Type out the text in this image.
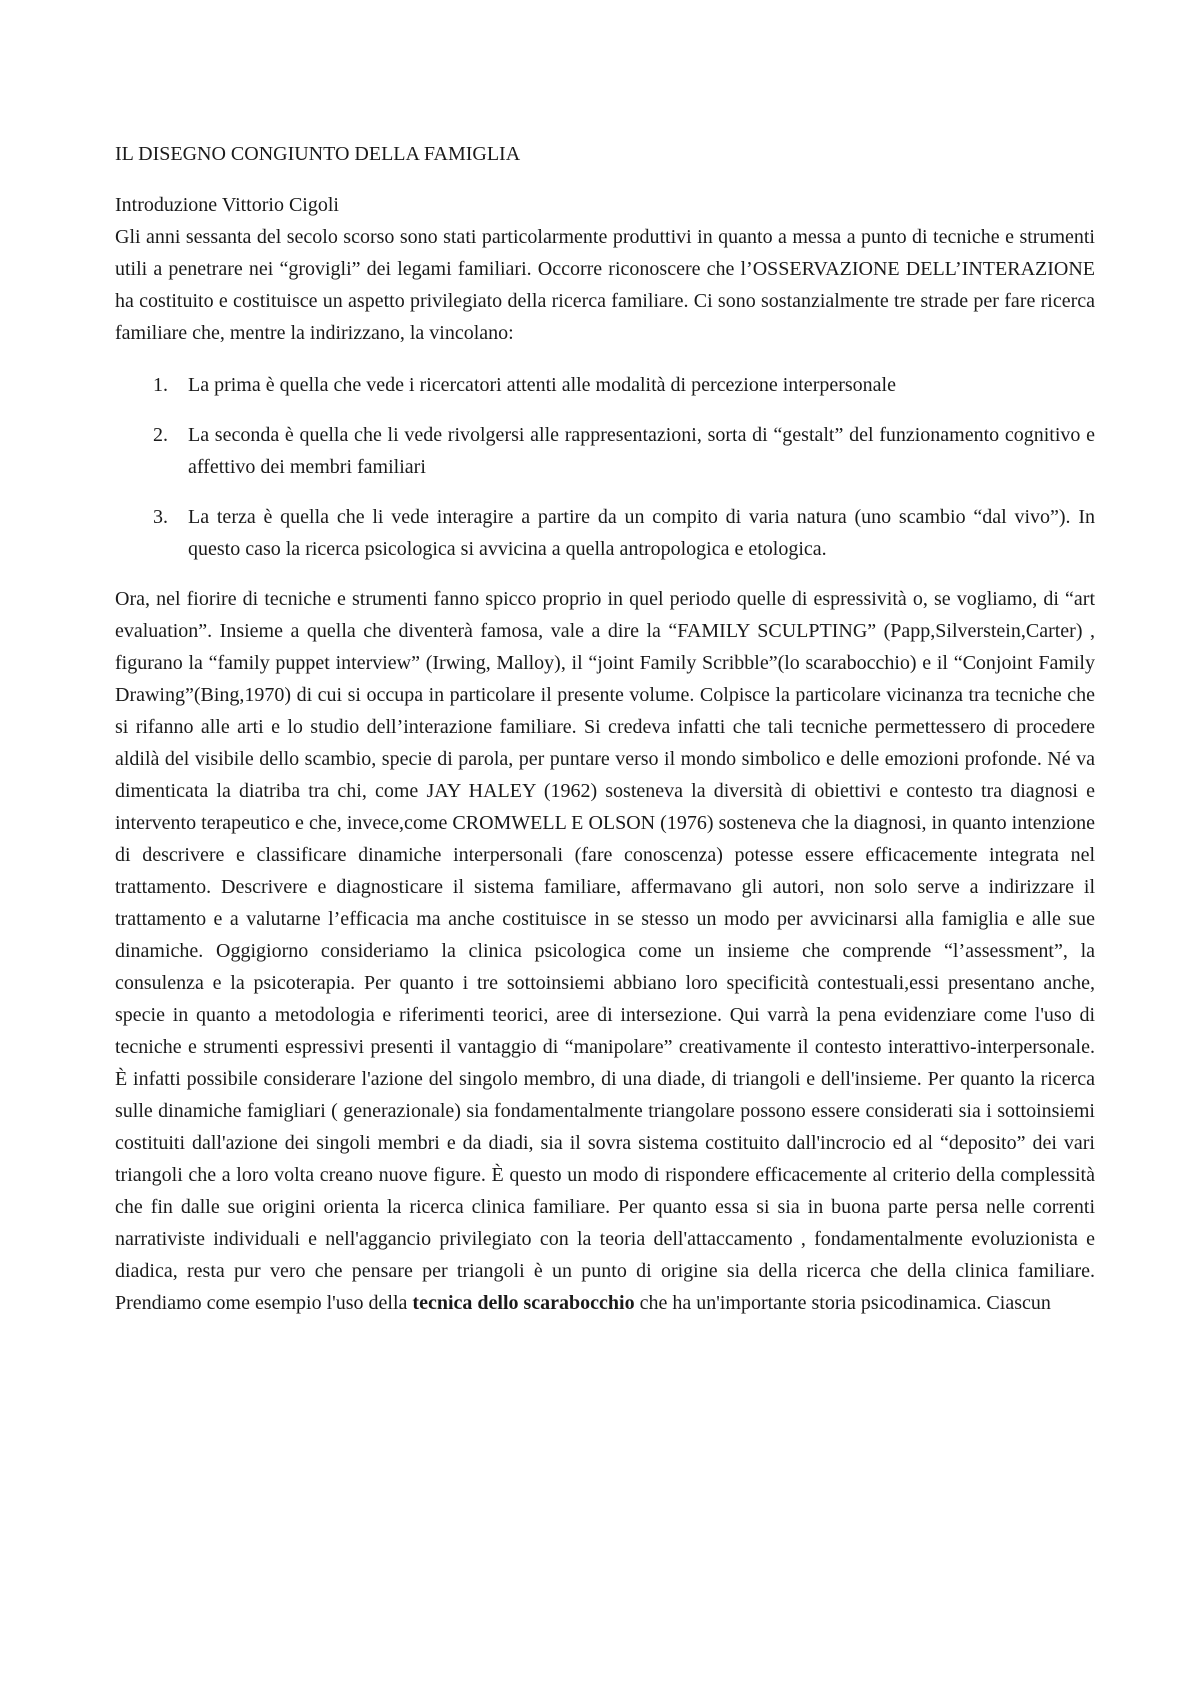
IL DISEGNO CONGIUNTO DELLA FAMIGLIA

Introduzione Vittorio Cigoli

Gli anni sessanta del secolo scorso sono stati particolarmente produttivi in quanto a messa a punto di tecniche e strumenti utili a penetrare nei “grovigli” dei legami familiari. Occorre riconoscere che l’OSSERVAZIONE DELL’INTERAZIONE ha costituito e costituisce un aspetto privilegiato della ricerca familiare. Ci sono sostanzialmente tre strade per fare ricerca familiare che, mentre la indirizzano, la vincolano:

1. La prima è quella che vede i ricercatori attenti alle modalità di percezione interpersonale
2. La seconda è quella che li vede rivolgersi alle rappresentazioni, sorta di “gestalt” del funzionamento cognitivo e affettivo dei membri familiari
3. La terza è quella che li vede interagire a partire da un compito di varia natura (uno scambio “dal vivo”). In questo caso la ricerca psicologica si avvicina a quella antropologica e etologica.

Ora, nel fiorire di tecniche e strumenti fanno spicco proprio in quel periodo quelle di espressività o, se vogliamo, di “art evaluation”. Insieme a quella che diventerà famosa, vale a dire la “FAMILY SCULPTING” (Papp,Silverstein,Carter) , figurano la “family puppet interview” (Irwing, Malloy), il “joint Family Scribble”(lo scarabocchio) e il “Conjoint Family Drawing”(Bing,1970) di cui si occupa in particolare il presente volume. Colpisce la particolare vicinanza tra tecniche che si rifanno alle arti e lo studio dell’interazione familiare. Si credeva infatti che tali tecniche permettessero di procedere aldilà del visibile dello scambio, specie di parola, per puntare verso il mondo simbolico e delle emozioni profonde. Né va dimenticata la diatriba tra chi, come JAY HALEY (1962) sosteneva la diversità di obiettivi e contesto tra diagnosi e intervento terapeutico e che, invece,come CROMWELL E OLSON (1976) sosteneva che la diagnosi, in quanto intenzione di descrivere e classificare dinamiche interpersonali (fare conoscenza) potesse essere efficacemente integrata nel trattamento. Descrivere e diagnosticare il sistema familiare, affermavano gli autori, non solo serve a indirizzare il trattamento e a valutarne l’efficacia ma anche costituisce in se stesso un modo per avvicinarsi alla famiglia e alle sue dinamiche. Oggigiorno consideriamo la clinica psicologica come un insieme che comprende “l’assessment”, la consulenza e la psicoterapia. Per quanto i tre sottoinsiemi abbiano loro specificità contestuali,essi presentano anche, specie in quanto a metodologia e riferimenti teorici, aree di intersezione. Qui varrà la pena evidenziare come l'uso di tecniche e strumenti espressivi presenti il vantaggio di “manipolare” creativamente il contesto interattivo-interpersonale. È infatti possibile considerare l'azione del singolo membro, di una diade, di triangoli e dell'insieme. Per quanto la ricerca sulle dinamiche famigliari ( generazionale) sia fondamentalmente triangolare possono essere considerati sia i sottoinsiemi costituiti dall'azione dei singoli membri e da diadi, sia il sovra sistema costituito dall'incrocio ed al “deposito” dei vari triangoli che a loro volta creano nuove figure. È questo un modo di rispondere efficacemente al criterio della complessità che fin dalle sue origini orienta la ricerca clinica familiare. Per quanto essa si sia in buona parte persa nelle correnti narrativiste individuali e nell'aggancio privilegiato con la teoria dell'attaccamento , fondamentalmente evoluzionista e diadica, resta pur vero che pensare per triangoli è un punto di origine sia della ricerca che della clinica familiare. Prendiamo come esempio l'uso della tecnica dello scarabocchio che ha un'importante storia psicodinamica. Ciascun
